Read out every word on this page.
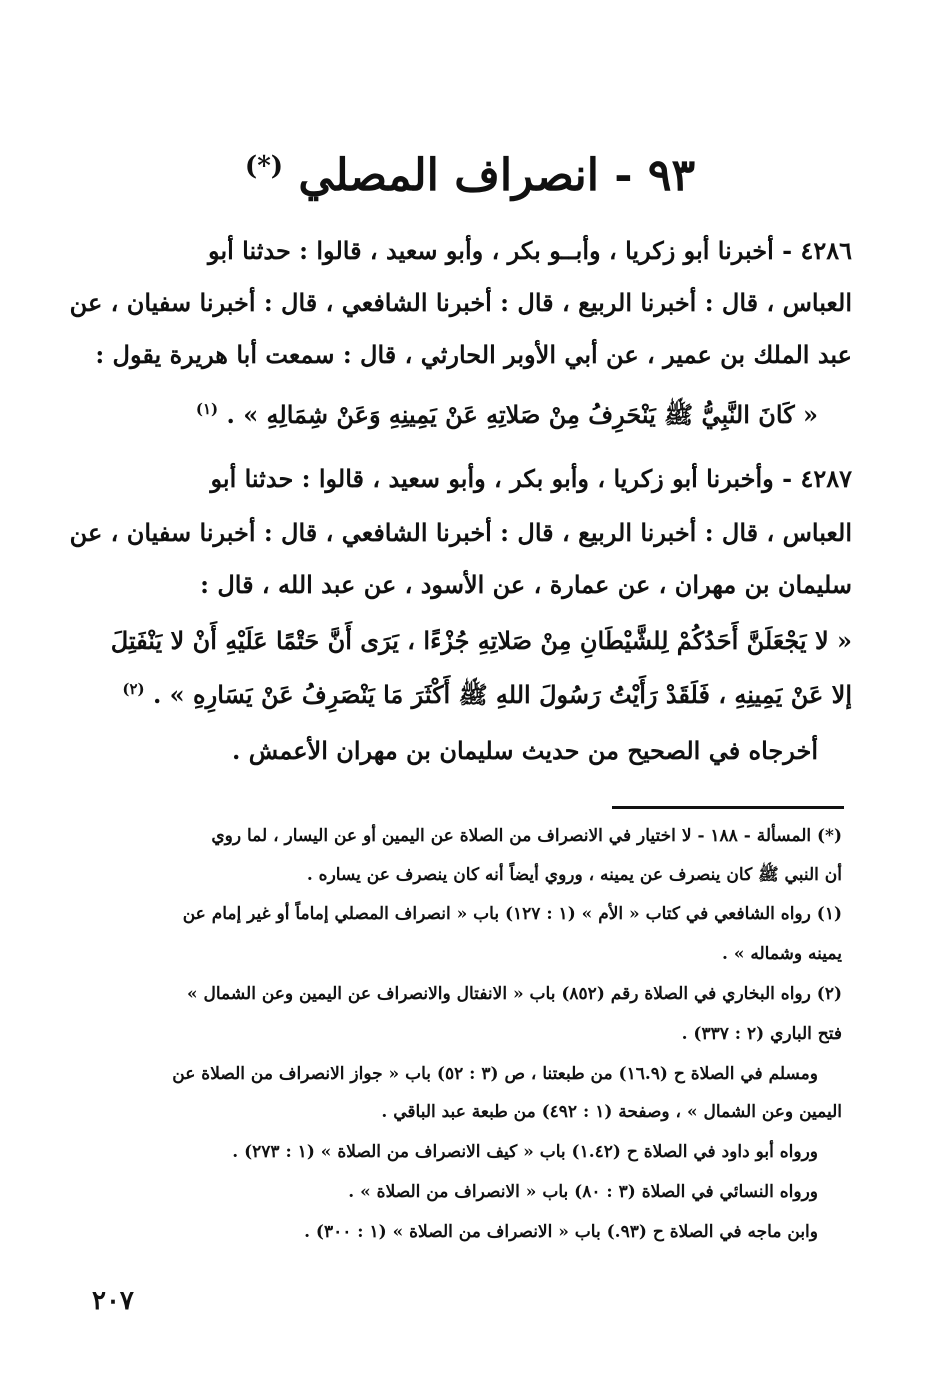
٩٣ - انصراف المصلي (*)
٤٢٨٦ - أخبرنا أبو زكريا ، وأبــو بكر ، وأبو سعيد ، قالوا : حدثنا أبو
العباس ، قال : أخبرنا الربيع ، قال : أخبرنا الشافعي ، قال : أخبرنا سفيان ، عن
عبد الملك بن عمير ، عن أبي الأوبر الحارثي ، قال : سمعت أبا هريرة يقول :
« كَانَ النَّبِيُّ ﷺ يَنْحَرِفُ مِنْ صَلاتِهِ عَنْ يَمِينِهِ وَعَنْ شِمَالِهِ » . $^{(١)}$
٤٢٨٧ - وأخبرنا أبو زكريا ، وأبو بكر ، وأبو سعيد ، قالوا : حدثنا أبو
العباس ، قال : أخبرنا الربيع ، قال : أخبرنا الشافعي ، قال : أخبرنا سفيان ، عن
سليمان بن مهران ، عن عمارة ، عن الأسود ، عن عبد الله ، قال :
« لا يَجْعَلَنَّ أَحَدُكُمْ لِلشَّيْطَانِ مِنْ صَلاتِهِ جُزْءًا ، يَرَى أَنَّ حَتْمًا عَلَيْهِ أَنْ لا يَنْفَتِلَ
إلا عَنْ يَمِينِهِ ، فَلَقَدْ رَأَيْتُ رَسُولَ اللهِ ﷺ أَكْثَرَ مَا يَنْصَرِفُ عَنْ يَسَارِهِ » . $^{(٢)}$
أخرجاه في الصحيح من حديث سليمان بن مهران الأعمش .
(*) المسألة - ١٨٨ - لا اختيار في الانصراف من الصلاة عن اليمين أو عن اليسار ، لما روي
أن النبي ﷺ كان ينصرف عن يمينه ، وروي أيضاً أنه كان ينصرف عن يساره .
(١) رواه الشافعي في كتاب « الأم » (١ : ١٢٧) باب « انصراف المصلي إماماً أو غير إمام عن
يمينه وشماله » .
(٢) رواه البخاري في الصلاة رقم (٨٥٢) باب « الانفتال والانصراف عن اليمين وعن الشمال »
فتح الباري (٢ : ٣٣٧) .
ومسلم في الصلاة ح (١٦.٩) من طبعتنا ، ص (٣ : ٥٢) باب « جواز الانصراف من الصلاة عن
اليمين وعن الشمال » ، وصفحة (١ : ٤٩٢) من طبعة عبد الباقي .
ورواه أبو داود في الصلاة ح (١.٤٢) باب « كيف الانصراف من الصلاة » (١ : ٢٧٣) .
ورواه النسائي في الصلاة (٣ : ٨٠) باب « الانصراف من الصلاة » .
وابن ماجه في الصلاة ح (٩٣.) باب « الانصراف من الصلاة » (١ : ٣٠٠) .
٢٠٧
